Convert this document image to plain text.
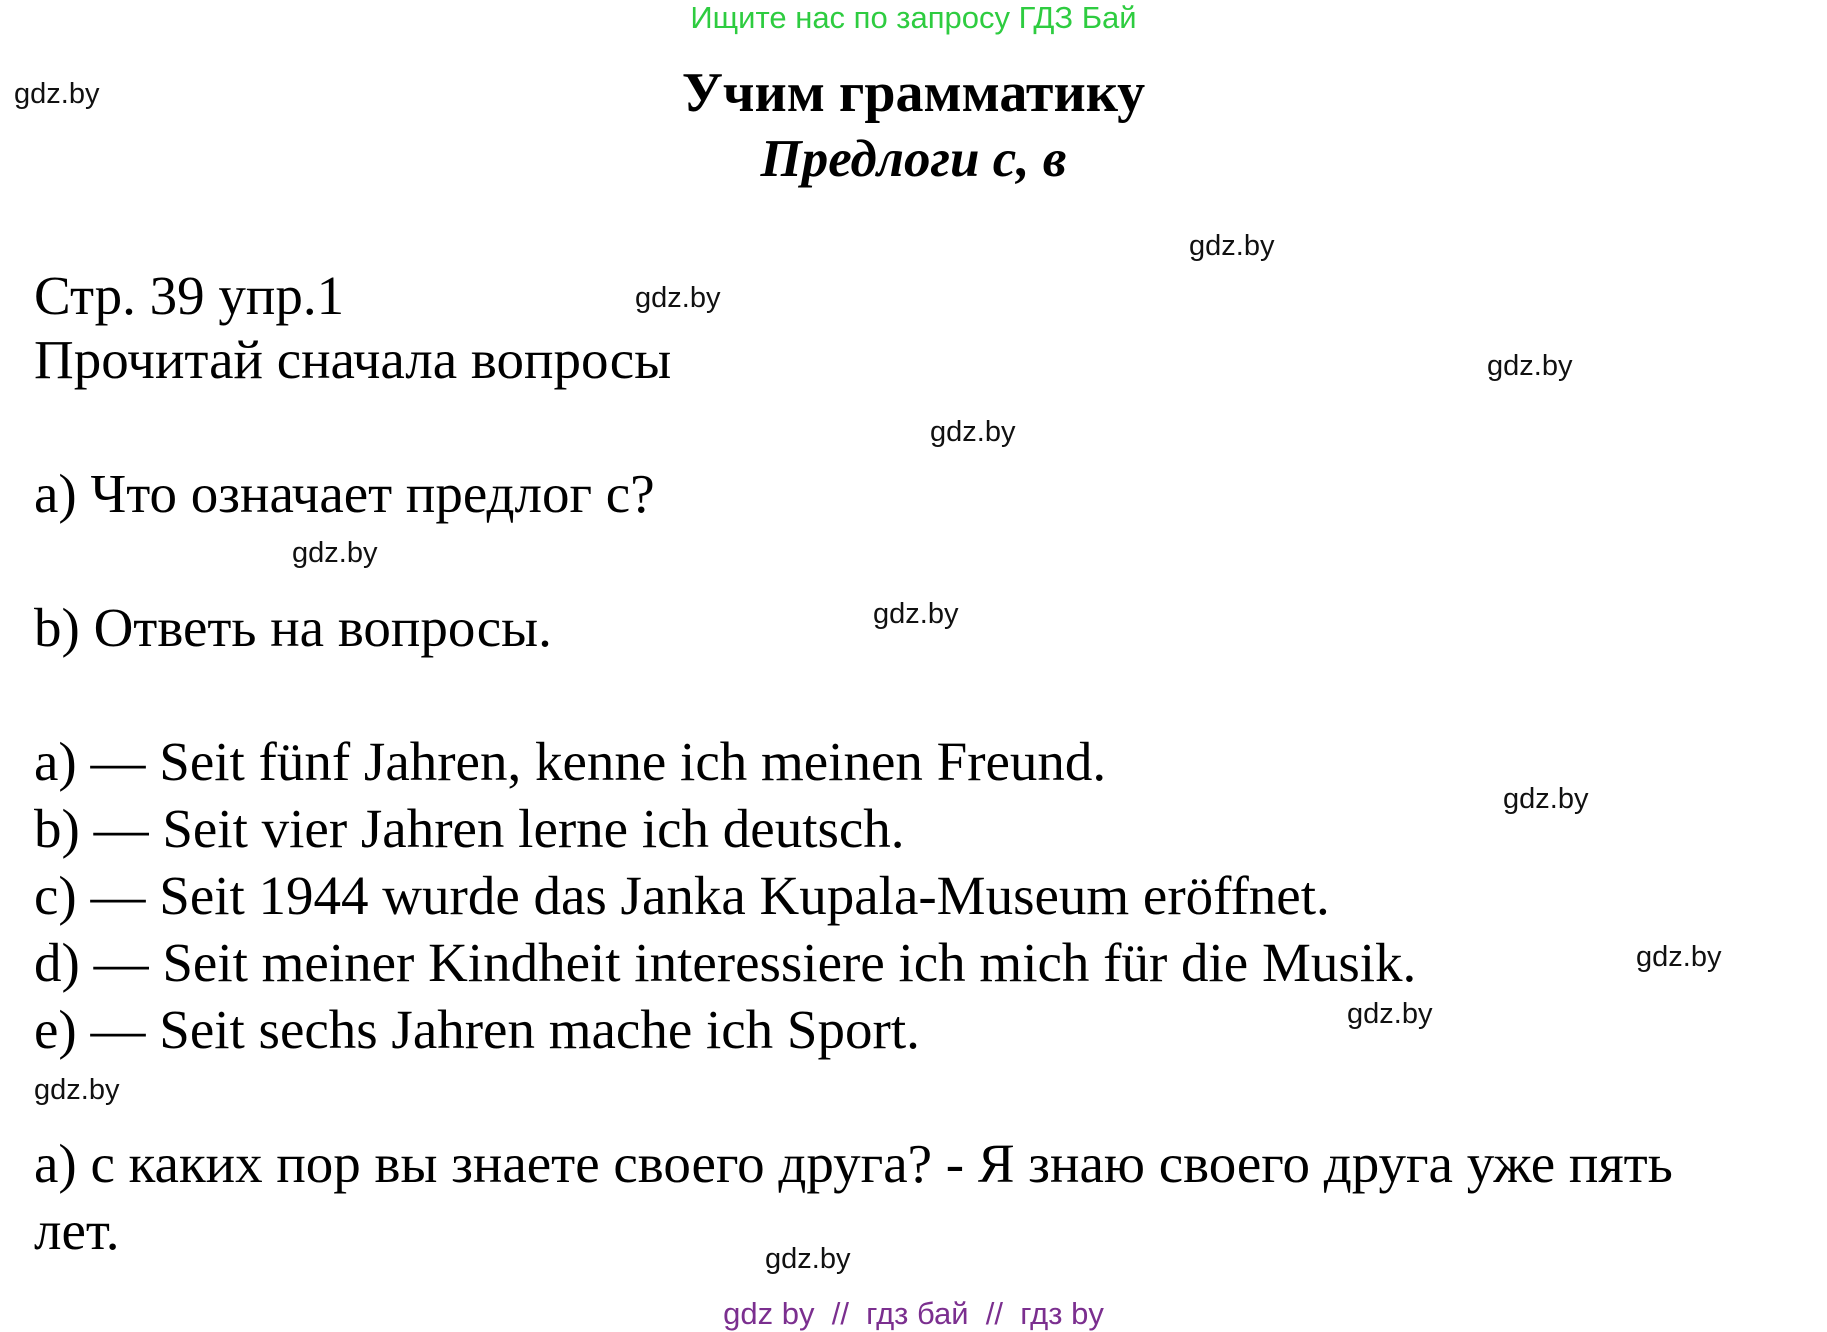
Ищите нас по запросу ГДЗ Бай
Учим грамматику
Предлоги с, в
Стр. 39 упр.1
Прочитай сначала вопросы
a) Что означает предлог с?
b) Ответь на вопросы.
a) — Seit fünf Jahren, kenne ich meinen Freund.
b) — Seit vier Jahren lerne ich deutsch.
c) — Seit 1944 wurde das Janka Kupala-Museum eröffnet.
d) — Seit meiner Kindheit interessiere ich mich für die Musik.
e) — Seit sechs Jahren mache ich Sport.
а) с каких пор вы знаете своего друга? - Я знаю своего друга уже пять
лет.
gdz.by
gdz.by
gdz.by
gdz.by
gdz.by
gdz.by
gdz.by
gdz.by
gdz.by
gdz.by
gdz.by
gdz.by
gdz by  //  гдз бай  //  гдз by
